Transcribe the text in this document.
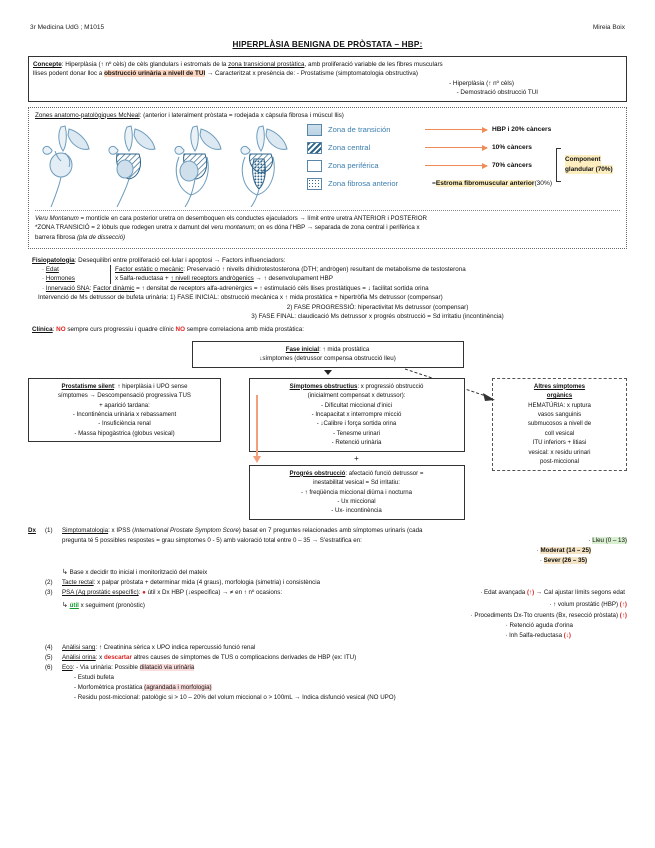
3r Medicina UdG ; M1015	Mireia Boix
HIPERPLÀSIA BENIGNA DE PRÒSTATA – HBP:
Concepte: Hiperplàsia (↑ nº cèls) de cèls glandulars i estromals de la zona transicional prostàtica, amb proliferació variable de les fibres musculars
llises podent donar lloc a obstrucció urinària a nivell de TUI → Caracteritzat x presència de: - Prostatisme (simptomatologia obstructiva)
- Hiperplàsia (↑ nº cèls)
- Demostració obstrucció TUI
Zones anatomo-patològiques McNeal: (anterior i lateralment pròstata = rodejada x càpsula fibrosa i múscul llis)
Zona de transición	HBP i 20% càncers
Zona central	10% càncers
Zona periférica	70% càncers
Zona fibrosa anterior	= Estroma fibromuscular anterior (30%)
Component
glandular (70%)
Veru Montanum = montícle en cara posterior uretra on desemboquen els conductes ejaculadors → límit entre uretra ANTERIOR i POSTERIOR
*ZONA TRANSICIÓ = 2 lòbuls que rodegen uretra x damunt del veru montanum; on es dóna l'HBP → separada de zona central i perifèrica x
barrera fibrosa (pla de dissecció)
Fisiopatologia: Desequilibri entre proliferació cel·lular i apoptosi → Factors influenciadors:
· Edat
· Hormones
Factor estàtic o mecànic: Preservació ↑ nivells dihidrotestosterona (DTH; andrògen) resultant de metabolisme de testosterona
x 5alfa-reductasa + ↑ nivell receptors andrògenics → ↑ desenvolupament HBP
· Innervació SNA: Factor dinàmic = ↑ densitat de receptors alfa-adrenèrgics = ↑ estimulació cèls llises prostàtiques = ↓ facilitat sortida orina
Intervenció de Ms detrussor de bufeta urinària: 1) FASE INICIAL: obstrucció mecànica x ↑ mida prostàtica + hipertròfia Ms detrussor (compensar)
2) FASE PROGRESSIÓ: hiperactivitat Ms detrussor (compensar)
3) FASE FINAL: claudicació Ms detrussor x progrés obstrucció = Sd irritatiu (incontinència)
Clínica: NO sempre curs progressiu i quadre clínic NO sempre correlaciona amb mida prostàtica:
Fase inicial: ↑ mida prostàtica
↓símptomes (detrussor compensa obstrucció lleu)
Prostatisme silent: ↑ hiperplàsia i UPO sense
símptomes → Descompensació progressiva TUS
+ aparició tardana:
- Incontinència urinària x rebassament
- Insuficiència renal
- Massa hipogàstrica (globus vesical)
Símptomes obstructius: x progressió obstrucció
(inicialment compensat x detrussor):
- Dificultat miccional d'inici
- Incapacitat x interrompre micció
- ↓Calibre i força sortida orina
- Tenesme urinari
- Retenció urinària
+
Progrés obstrucció: afectació funció detrussor =
inestabilitat vesical = Sd irritatiu:
- ↑ freqüència miccional diürna i nocturna
- Ux miccional
- Ux- incontinència
Altres símptomes
orgànics
HEMATÚRIA: x ruptura
vasos sanguinis
submucosos a nivell de
coll vesical
ITU inferiors + litiasi
vesical: x residu urinari
post-miccional
Dx	(1)	Simptomatologia: x IPSS (International Prostate Symptom Score) basat en 7 preguntes relacionades amb símptomes urinaris (cada
pregunta té 5 possibles respostes = grau simptomes 0 - 5) amb valoració total entre 0 – 35 → S'estratifica en:	· Lleu (0 – 13)
· Moderat (14 – 25)
· Sever (26 – 35)
↳ Base x decidir tto inicial i monitorització del mateix
(2)	Tacte rectal: x palpar pròstata + determinar mida (4 graus), morfologia (simetria) i consistència
(3)	PSA (Ag prostàtic específic): ● útil x Dx HBP (↓especifica) → ≠ en ↑ nº ocasions:	· Edat avançada (↑) → Cal ajustar límits segons edat
↳ útil x seguiment (pronòstic)	· ↑ volum prostàtic (HBP) (↑)
· Procediments Dx-Tto cruents (Bx, resecció pròstata) (↑)
· Retenció aguda d'orina
· Inh 5alfa-reductasa (↓)
(4)	Anàlisi sang: ↑ Creatinina sèrica x UPO indica repercussió funció renal
(5)	Anàlisi orina: x descartar altres causes de símptomes de TUS o complicacions derivades de HBP (ex: ITU)
(6)	Eco: - Via urinària: Possible dilatació via urinària
- Estudi bufeta
- Morfomètrica prostàtica (agrandada i morfologia)
- Residu post-miccional: patològic si > 10 – 20% del volum miccional o > 100mL → Indica disfunció vesical (NO UPO)
